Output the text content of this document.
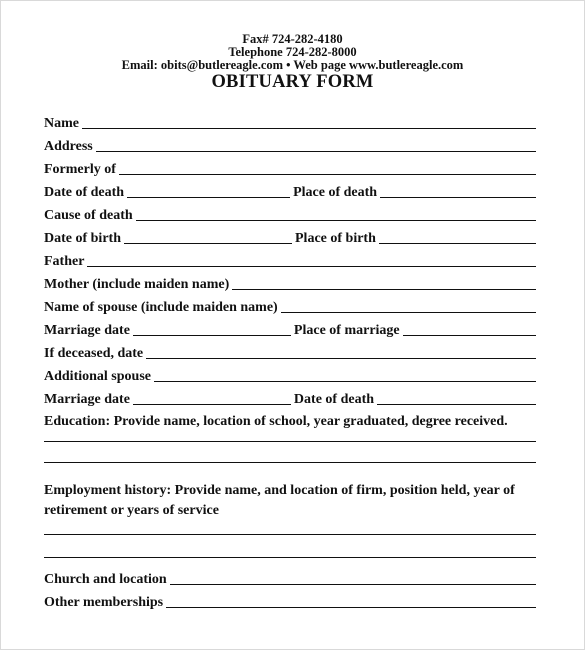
Fax# 724-282-4180
Telephone 724-282-8000
Email: obits@butlereagle.com • Web page www.butlereagle.com
OBITUARY FORM
Name
Address
Formerly of
Date of death	Place of death
Cause of death
Date of birth	Place of birth
Father
Mother (include maiden name)
Name of spouse (include maiden name)
Marriage date	Place of marriage
If deceased, date
Additional spouse
Marriage date	Date of death
Education: Provide name, location of school, year graduated, degree received.
Employment history: Provide name, and location of firm, position held, year of
retirement or years of service
Church and location
Other memberships
